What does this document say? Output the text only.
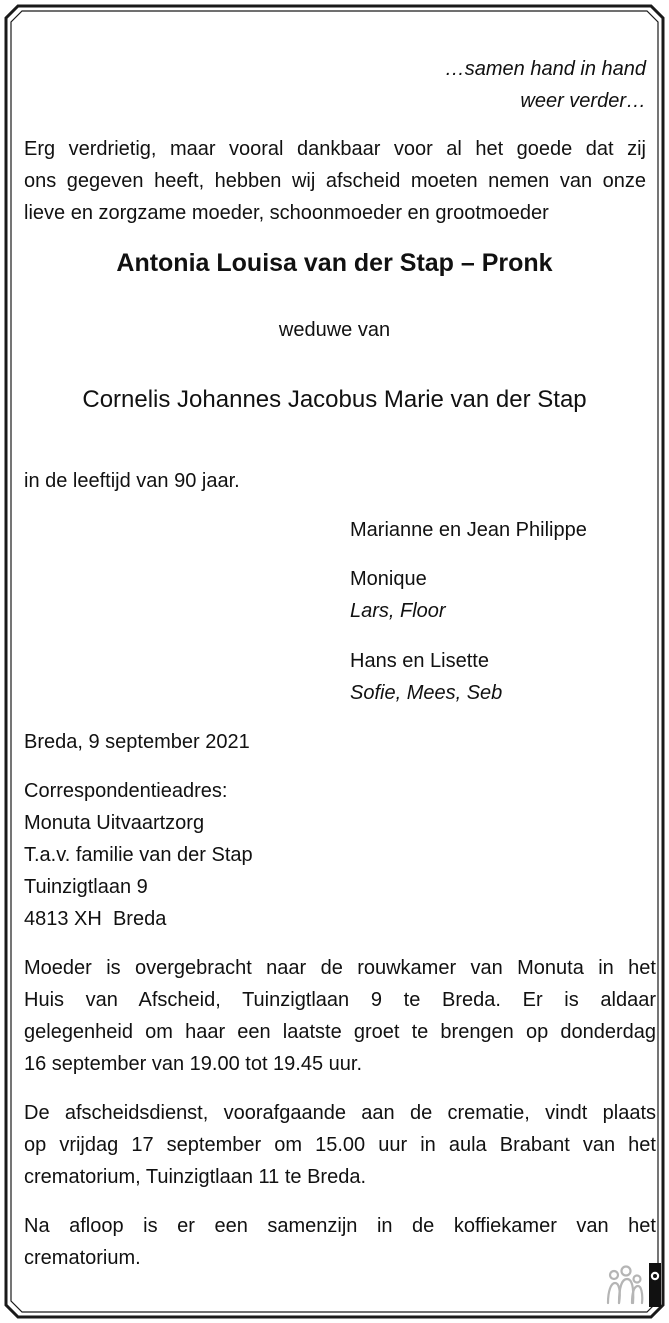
…samen hand in hand
weer verder…
Erg verdrietig, maar vooral dankbaar voor al het goede dat zij
ons gegeven heeft, hebben wij afscheid moeten nemen van onze
lieve en zorgzame moeder, schoonmoeder en grootmoeder
Antonia Louisa van der Stap – Pronk
weduwe van
Cornelis Johannes Jacobus Marie van der Stap
in de leeftijd van 90 jaar.
Marianne en Jean Philippe
Monique
Lars, Floor
Hans en Lisette
Sofie, Mees, Seb
Breda, 9 september 2021
Correspondentieadres:
Monuta Uitvaartzorg
T.a.v. familie van der Stap
Tuinzigtlaan 9
4813 XH  Breda
Moeder is overgebracht naar de rouwkamer van Monuta in het
Huis van Afscheid, Tuinzigtlaan 9 te Breda. Er is aldaar
gelegenheid om haar een laatste groet te brengen op donderdag
16 september van 19.00 tot 19.45 uur.
De afscheidsdienst, voorafgaande aan de crematie, vindt plaats
op vrijdag 17 september om 15.00 uur in aula Brabant van het
crematorium, Tuinzigtlaan 11 te Breda.
Na afloop is er een samenzijn in de koffiekamer van het
crematorium.
